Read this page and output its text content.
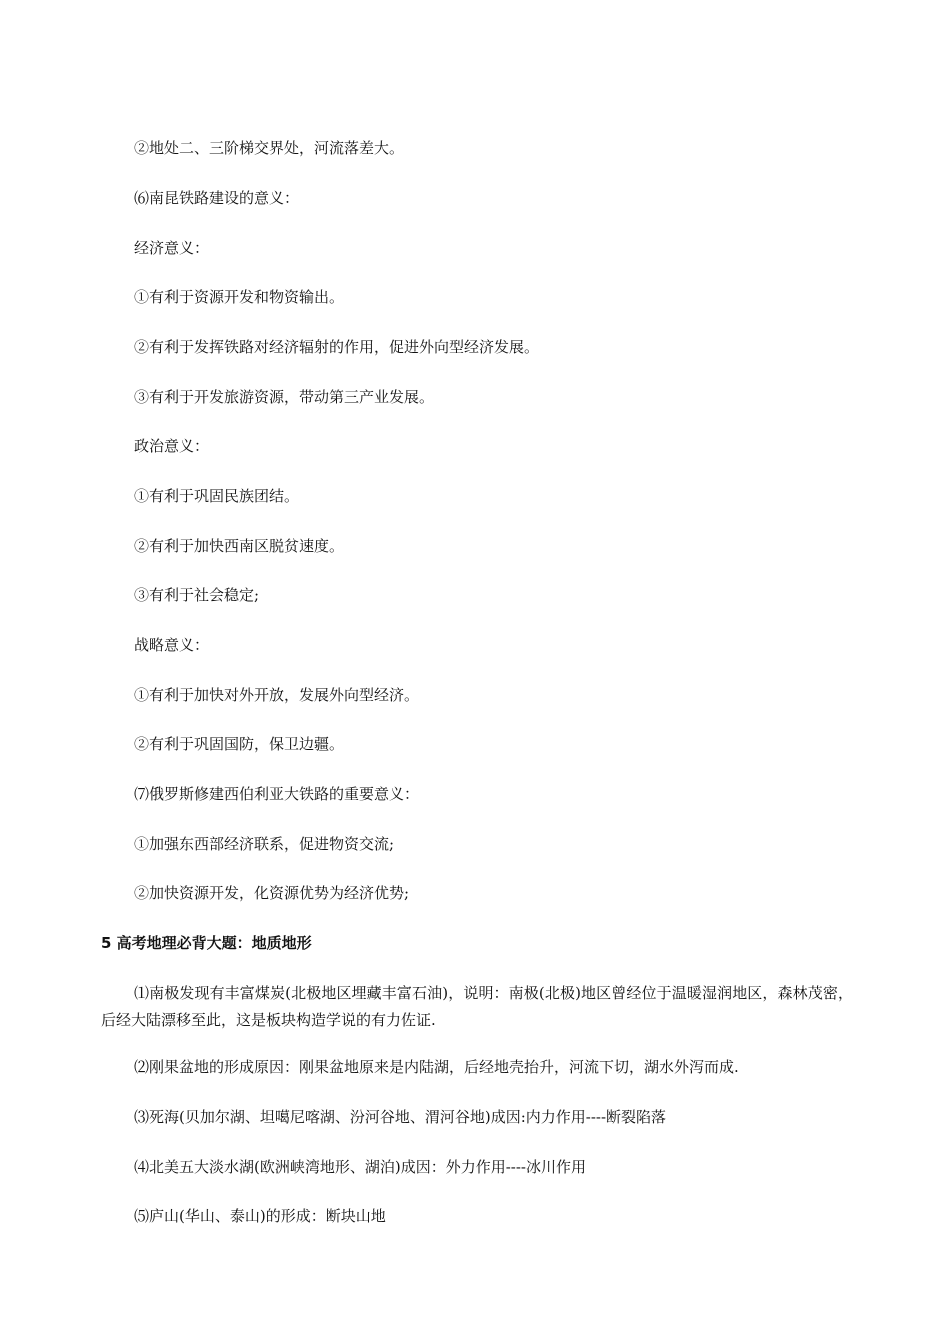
②地处二、三阶梯交界处，河流落差大。

⑹南昆铁路建设的意义：

经济意义：

①有利于资源开发和物资输出。

②有利于发挥铁路对经济辐射的作用，促进外向型经济发展。

③有利于开发旅游资源，带动第三产业发展。

政治意义：

①有利于巩固民族团结。

②有利于加快西南区脱贫速度。

③有利于社会稳定;

战略意义：

①有利于加快对外开放，发展外向型经济。

②有利于巩固国防，保卫边疆。

⑺俄罗斯修建西伯利亚大铁路的重要意义：

①加强东西部经济联系，促进物资交流;

②加快资源开发，化资源优势为经济优势;

5 高考地理必背大题：地质地形

⑴南极发现有丰富煤炭(北极地区埋藏丰富石油)，说明：南极(北极)地区曾经位于温暖湿润地区，森林茂密，后经大陆漂移至此，这是板块构造学说的有力佐证.

⑵刚果盆地的形成原因：刚果盆地原来是内陆湖，后经地壳抬升，河流下切，湖水外泻而成.

⑶死海(贝加尔湖、坦噶尼喀湖、汾河谷地、渭河谷地)成因:内力作用----断裂陷落

⑷北美五大淡水湖(欧洲峡湾地形、湖泊)成因：外力作用----冰川作用

⑸庐山(华山、泰山)的形成：断块山地
